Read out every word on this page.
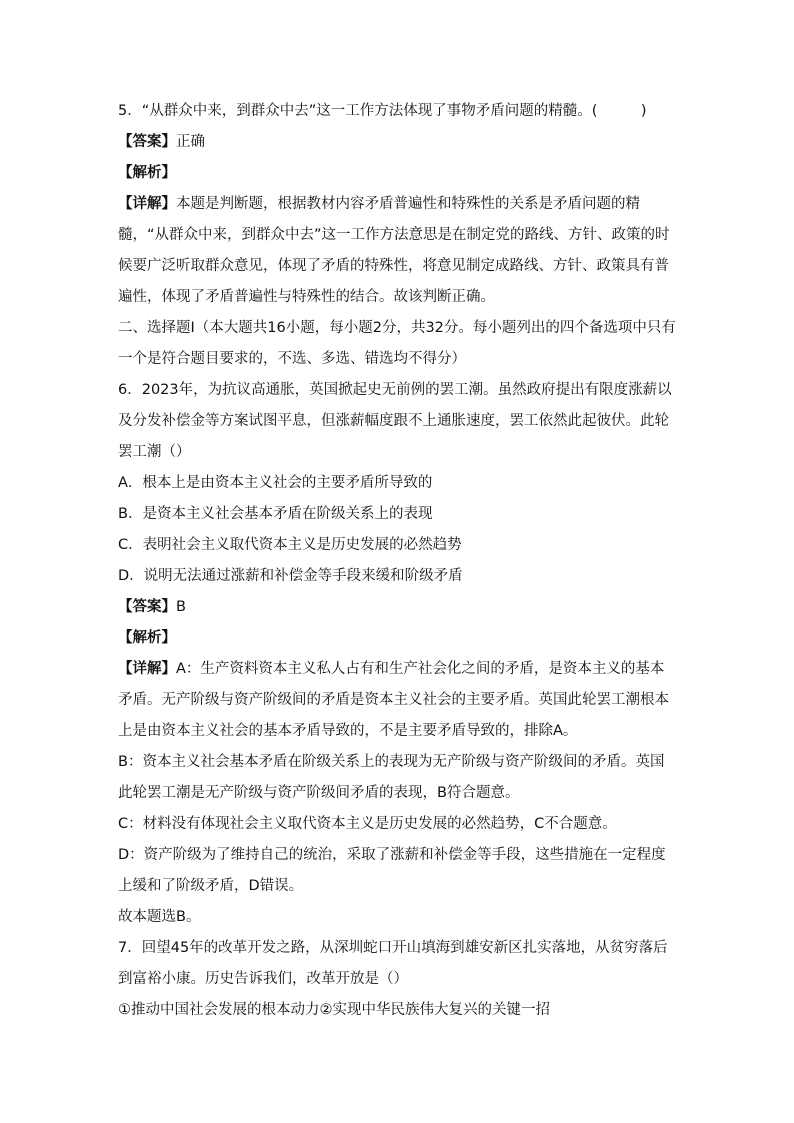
5．“从群众中来，到群众中去”这一工作方法体现了事物矛盾问题的精髓。(　　　)

【答案】正确

【解析】

【详解】本题是判断题，根据教材内容矛盾普遍性和特殊性的关系是矛盾问题的精髓，“从群众中来，到群众中去”这一工作方法意思是在制定党的路线、方针、政策的时候要广泛听取群众意见，体现了矛盾的特殊性，将意见制定成路线、方针、政策具有普遍性，体现了矛盾普遍性与特殊性的结合。故该判断正确。

二、选择题Ⅰ（本大题共16小题，每小题2分，共32分。每小题列出的四个备选项中只有一个是符合题目要求的，不选、多选、错选均不得分）

6．2023年，为抗议高通胀，英国掀起史无前例的罢工潮。虽然政府提出有限度涨薪以及分发补偿金等方案试图平息，但涨薪幅度跟不上通胀速度，罢工依然此起彼伏。此轮罢工潮（）

A．根本上是由资本主义社会的主要矛盾所导致的

B．是资本主义社会基本矛盾在阶级关系上的表现

C．表明社会主义取代资本主义是历史发展的必然趋势

D．说明无法通过涨薪和补偿金等手段来缓和阶级矛盾

【答案】B

【解析】

【详解】A：生产资料资本主义私人占有和生产社会化之间的矛盾，是资本主义的基本矛盾。无产阶级与资产阶级间的矛盾是资本主义社会的主要矛盾。英国此轮罢工潮根本上是由资本主义社会的基本矛盾导致的，不是主要矛盾导致的，排除A。

B：资本主义社会基本矛盾在阶级关系上的表现为无产阶级与资产阶级间的矛盾。英国此轮罢工潮是无产阶级与资产阶级间矛盾的表现，B符合题意。

C：材料没有体现社会主义取代资本主义是历史发展的必然趋势，C不合题意。

D：资产阶级为了维持自己的统治，采取了涨薪和补偿金等手段，这些措施在一定程度上缓和了阶级矛盾，D错误。

故本题选B。

7．回望45年的改革开发之路，从深圳蛇口开山填海到雄安新区扎实落地，从贫穷落后到富裕小康。历史告诉我们，改革开放是（）

①推动中国社会发展的根本动力②实现中华民族伟大复兴的关键一招
